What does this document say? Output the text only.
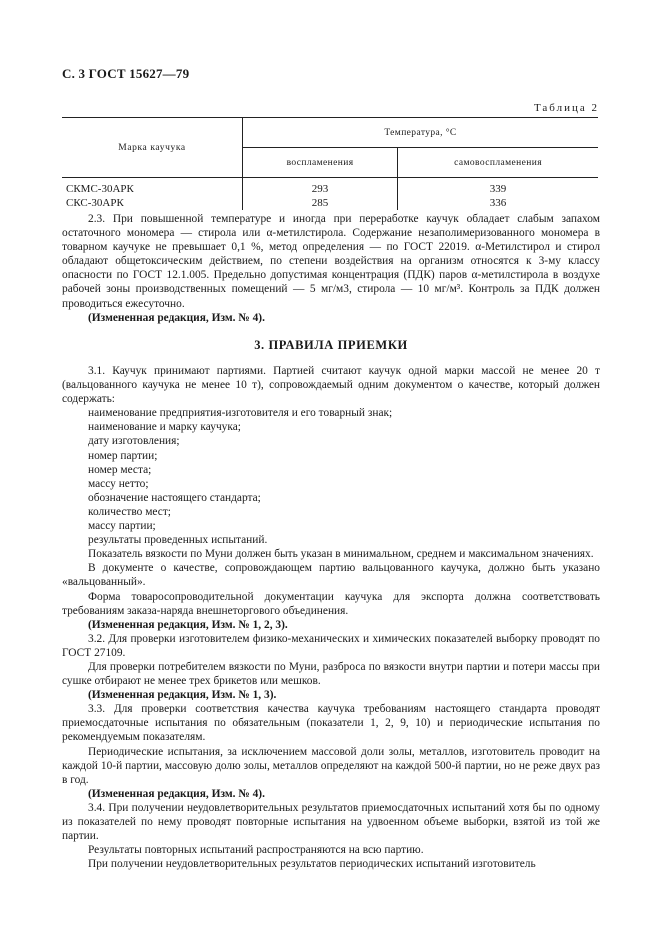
С. 3 ГОСТ 15627—79
Таблица 2
Марка каучука	Температура, °С	
	воспламенения	самовоспламенения
СКМС-30АРК	293	339
СКС-30АРК	285	336

2.3. При повышенной температуре и иногда при переработке каучук обладает слабым запахом остаточного мономера — стирола или α-метилстирола. Содержание незаполимеризованного мономера в товарном каучуке не превышает 0,1 %, метод определения — по ГОСТ 22019. α-Метилстирол и стирол обладают общетоксическим действием, по степени воздействия на организм относятся к 3-му классу опасности по ГОСТ 12.1.005. Предельно допустимая концентрация (ПДК) паров α-метилстирола в воздухе рабочей зоны производственных помещений — 5 мг/м3, стирола — 10 мг/м³. Контроль за ПДК должен проводиться ежесуточно.

(Измененная редакция, Изм. № 4).

3. ПРАВИЛА ПРИЕМКИ

3.1. Каучук принимают партиями. Партией считают каучук одной марки массой не менее 20 т (вальцованного каучука не менее 10 т), сопровождаемый одним документом о качестве, который должен содержать:

наименование предприятия-изготовителя и его товарный знак;

наименование и марку каучука;

дату изготовления;

номер партии;

номер места;

массу нетто;

обозначение настоящего стандарта;

количество мест;

массу партии;

результаты проведенных испытаний.

Показатель вязкости по Муни должен быть указан в минимальном, среднем и максимальном значениях.

В документе о качестве, сопровождающем партию вальцованного каучука, должно быть указано «вальцованный».

Форма товаросопроводительной документации каучука для экспорта должна соответствовать требованиям заказа-наряда внешнеторгового объединения.

(Измененная редакция, Изм. № 1, 2, 3).

3.2. Для проверки изготовителем физико-механических и химических показателей выборку проводят по ГОСТ 27109.

Для проверки потребителем вязкости по Муни, разброса по вязкости внутри партии и потери массы при сушке отбирают не менее трех брикетов или мешков.

(Измененная редакция, Изм. № 1, 3).

3.3. Для проверки соответствия качества каучука требованиям настоящего стандарта проводят приемосдаточные испытания по обязательным (показатели 1, 2, 9, 10) и периодические испытания по рекомендуемым показателям.

Периодические испытания, за исключением массовой доли золы, металлов, изготовитель проводит на каждой 10-й партии, массовую долю золы, металлов определяют на каждой 500-й партии, но не реже двух раз в год.

(Измененная редакция, Изм. № 4).

3.4. При получении неудовлетворительных результатов приемосдаточных испытаний хотя бы по одному из показателей по нему проводят повторные испытания на удвоенном объеме выборки, взятой из той же партии.

Результаты повторных испытаний распространяются на всю партию.

При получении неудовлетворительных результатов периодических испытаний изготовитель
